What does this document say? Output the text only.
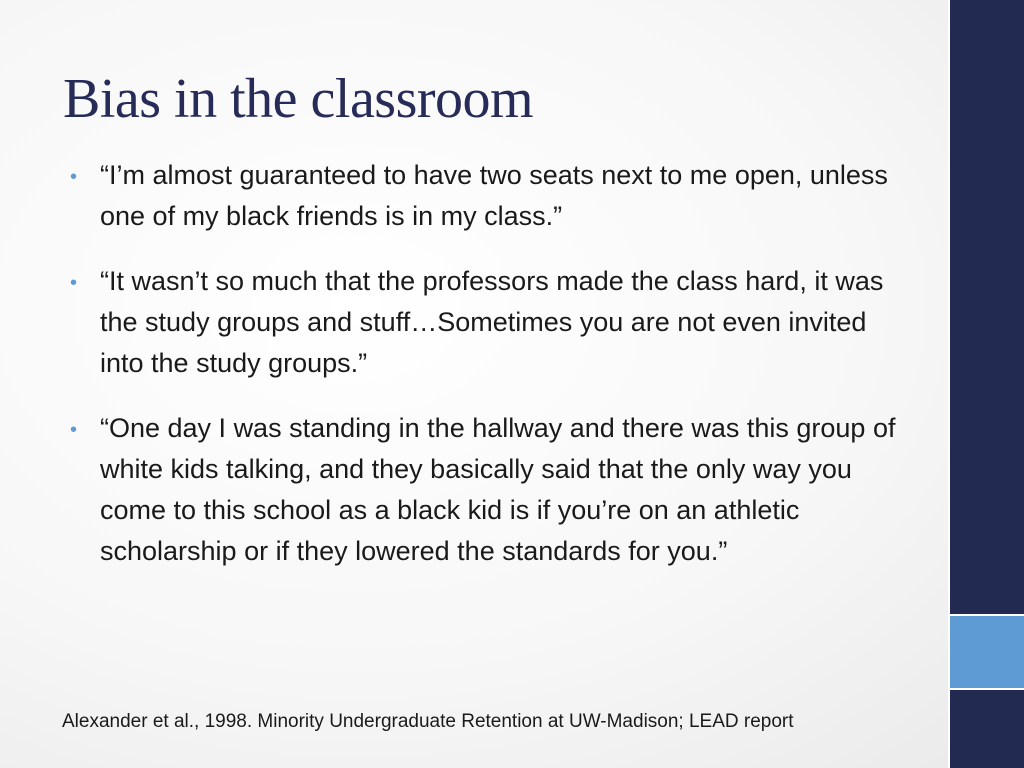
Bias in the classroom
• “I’m almost guaranteed to have two seats next to me open, unless one of my black friends is in my class.”
• “It wasn’t so much that the professors made the class hard, it was the study groups and stuff…Sometimes you are not even invited into the study groups.”
• “One day I was standing in the hallway and there was this group of white kids talking, and they basically said that the only way you come to this school as a black kid is if you’re on an athletic scholarship or if they lowered the standards for you.”

Alexander et al., 1998. Minority Undergraduate Retention at UW-Madison; LEAD report
